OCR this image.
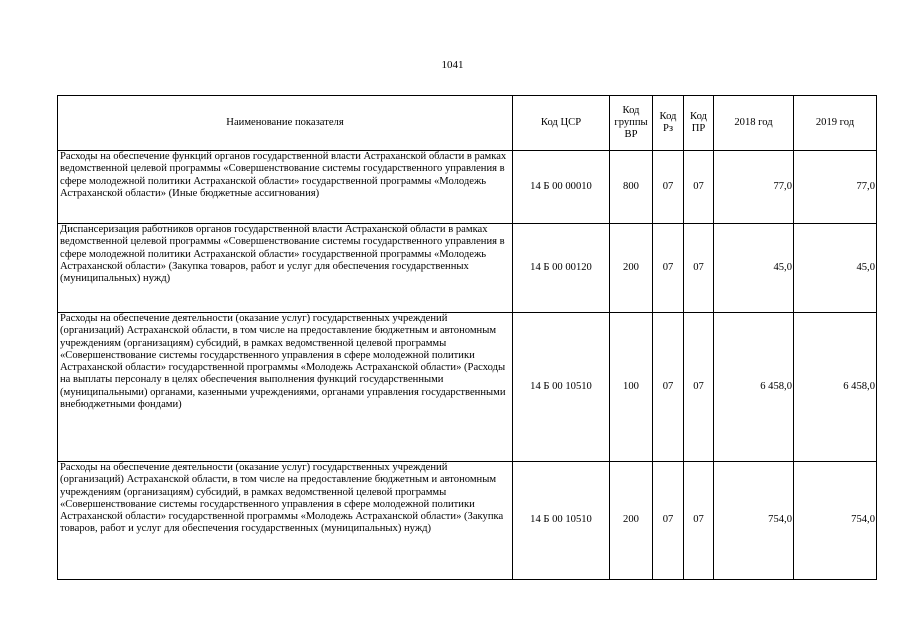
1041
Наименование показателя	Код ЦСР	Код группы ВР	Код Рз	Код ПР	2018 год	2019 год
Расходы на обеспечение функций органов государственной власти Астраханской области в рамках ведомственной целевой программы «Совершенствование системы государственного управления в сфере молодежной политики Астраханской области» государственной программы «Молодежь Астраханской области» (Иные бюджетные ассигнования)	14 Б 00 00010	800	07	07	77,0	77,0
Диспансеризация работников органов государственной власти Астраханской области в рамках ведомственной целевой программы «Совершенствование системы государственного управления в сфере молодежной политики Астраханской области» государственной программы «Молодежь Астраханской области» (Закупка товаров, работ и услуг для обеспечения государственных (муниципальных) нужд)	14 Б 00 00120	200	07	07	45,0	45,0
Расходы на обеспечение деятельности (оказание услуг) государственных учреждений (организаций) Астраханской области, в том числе на предоставление бюджетным и автономным учреждениям (организациям) субсидий, в рамках ведомственной целевой программы «Совершенствование системы государственного управления в сфере молодежной политики Астраханской области» государственной программы «Молодежь Астраханской области» (Расходы на выплаты персоналу в целях обеспечения выполнения функций государственными (муниципальными) органами, казенными учреждениями, органами управления государственными внебюджетными фондами)	14 Б 00 10510	100	07	07	6 458,0	6 458,0
Расходы на обеспечение деятельности (оказание услуг) государственных учреждений (организаций) Астраханской области, в том числе на предоставление бюджетным и автономным учреждениям (организациям) субсидий, в рамках ведомственной целевой программы «Совершенствование системы государственного управления в сфере молодежной политики Астраханской области» государственной программы «Молодежь Астраханской области» (Закупка товаров, работ и услуг для обеспечения государственных (муниципальных) нужд)	14 Б 00 10510	200	07	07	754,0	754,0
